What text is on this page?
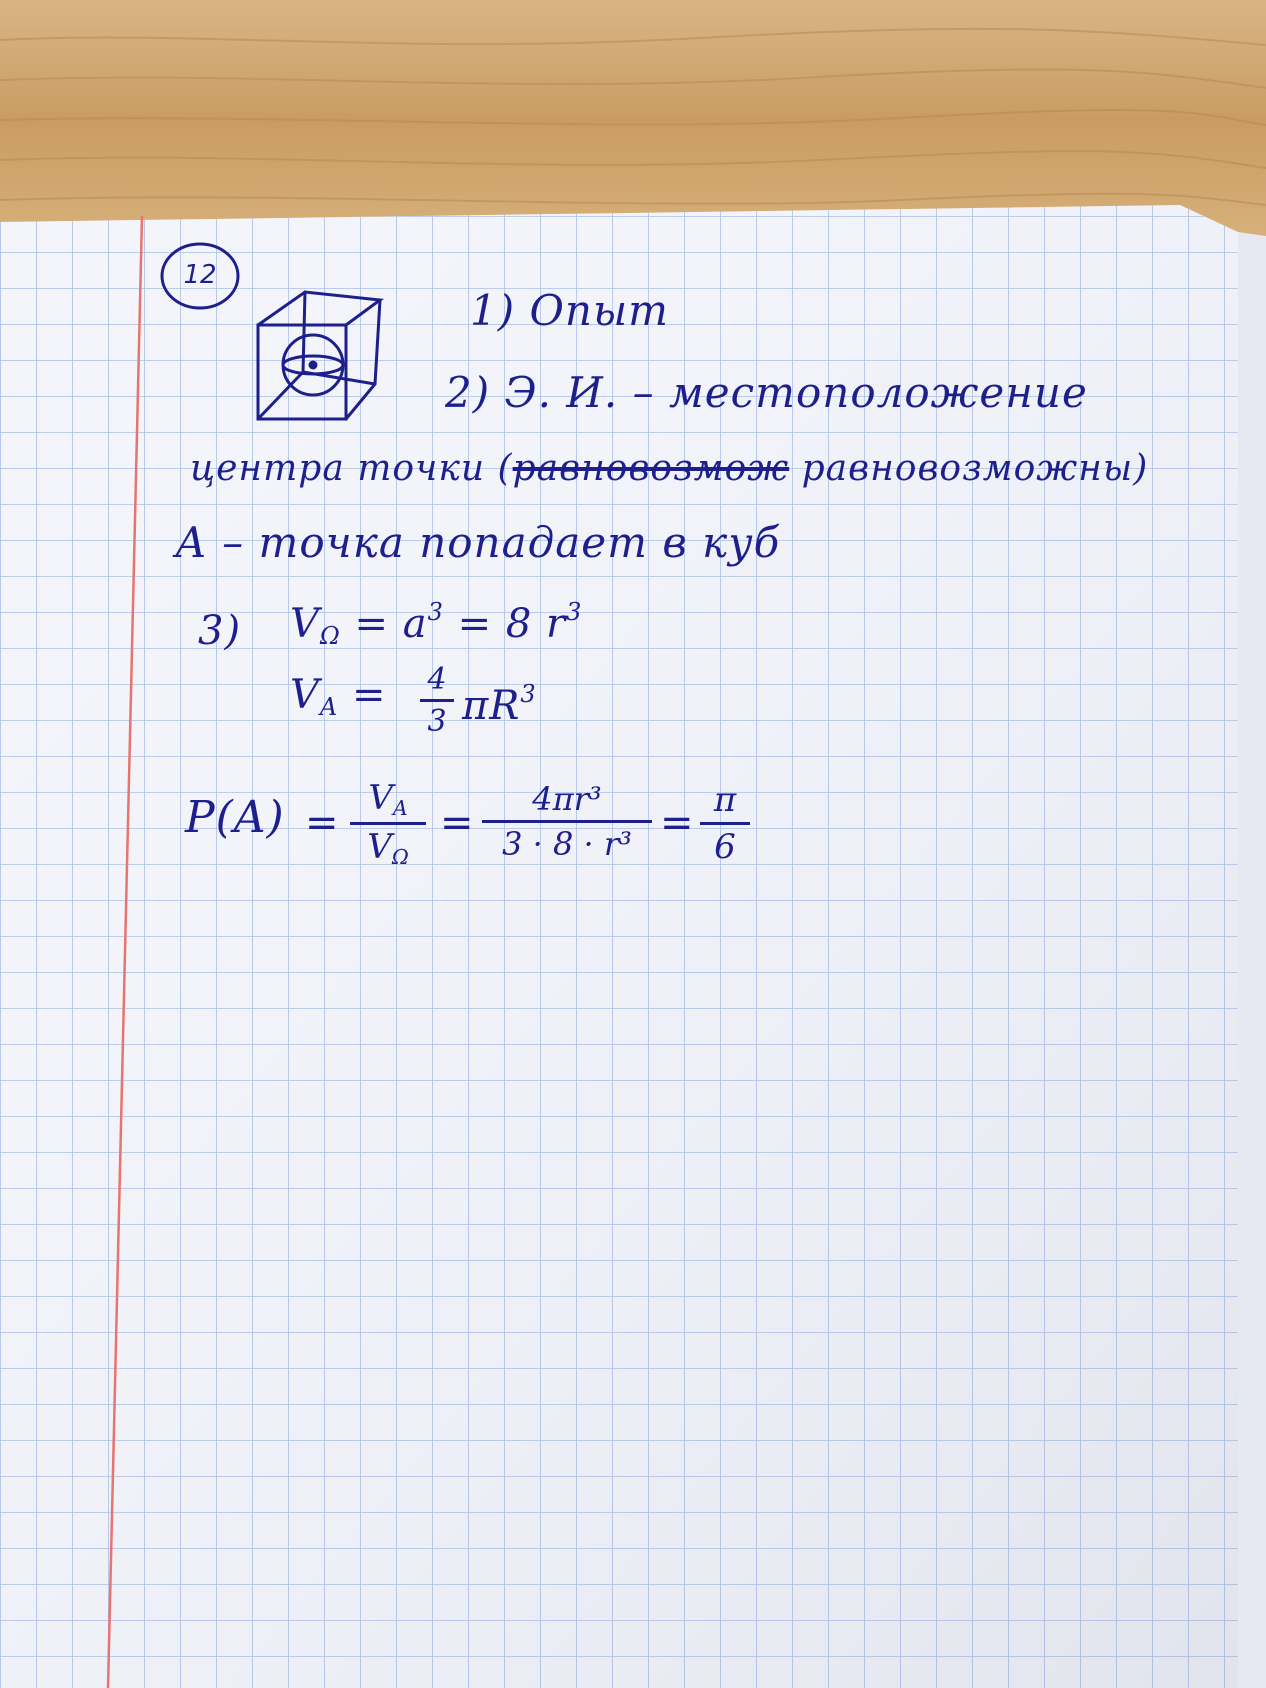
12

1) Опыт

2) Э. И. – местоположение

центра точки (равновозмож равновозможны)

А – точка попадает в куб

3) $V_\Omega = a^3 = 8$ $r^3$

$V_A = 4$
3 $\pi R^3$

P(A) =
$V_A$
$V_\Omega$
=
4πr³
3 · 8 · r³ = π
6
